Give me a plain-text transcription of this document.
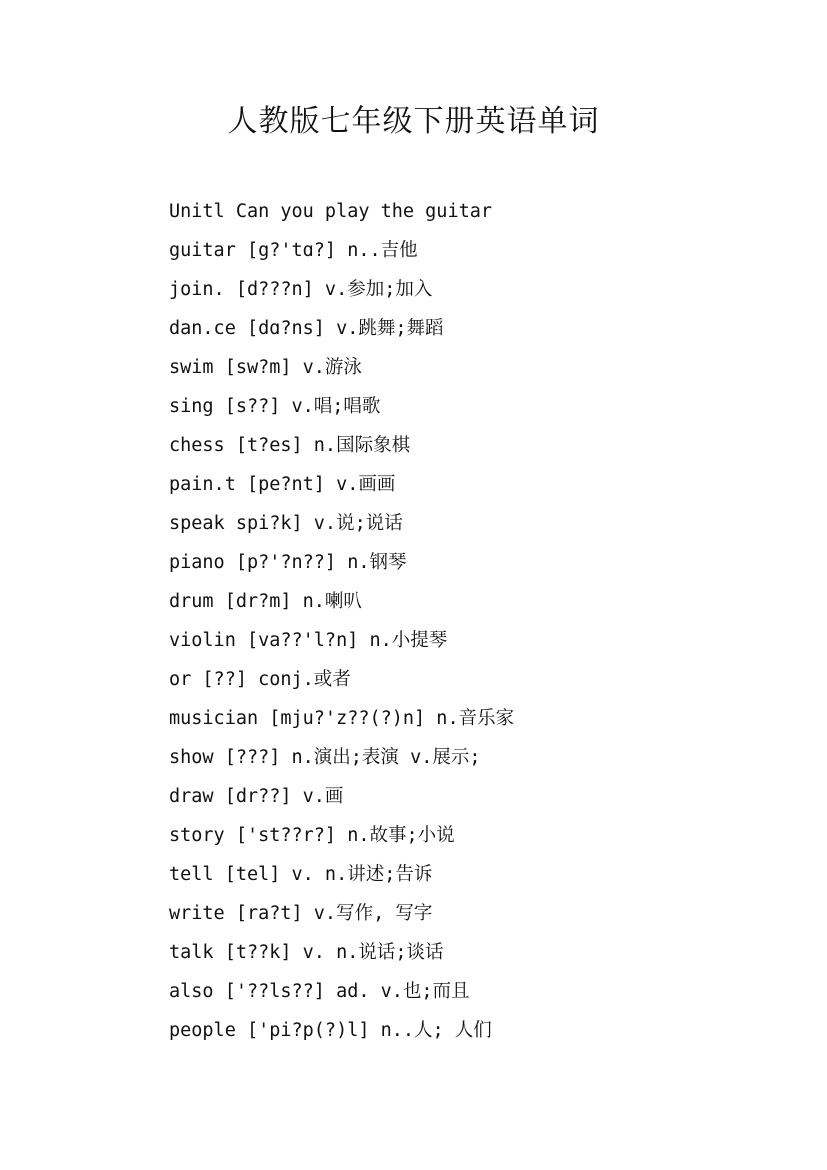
人教版七年级下册英语单词
Unitl Can you play the guitar
guitar [g?'tɑ?] n..吉他
join. [d???n] v.参加;加入
dan.ce [dɑ?ns] v.跳舞;舞蹈
swim [sw?m] v.游泳
sing [s??] v.唱;唱歌
chess [t?es] n.国际象棋
pain.t [pe?nt] v.画画
speak spi?k] v.说;说话
piano [p?'?n??] n.钢琴
drum [dr?m] n.喇叭
violin [va??'l?n] n.小提琴
or [??] conj.或者
musician [mju?'z??(?)n] n.音乐家
show [???] n.演出;表演 v.展示;
draw [dr??] v.画
story ['st??r?] n.故事;小说
tell [tel] v. n.讲述;告诉
write [ra?t] v.写作, 写字
talk [t??k] v. n.说话;谈话
also ['??ls??] ad. v.也;而且
people ['pi?p(?)l] n..人; 人们
